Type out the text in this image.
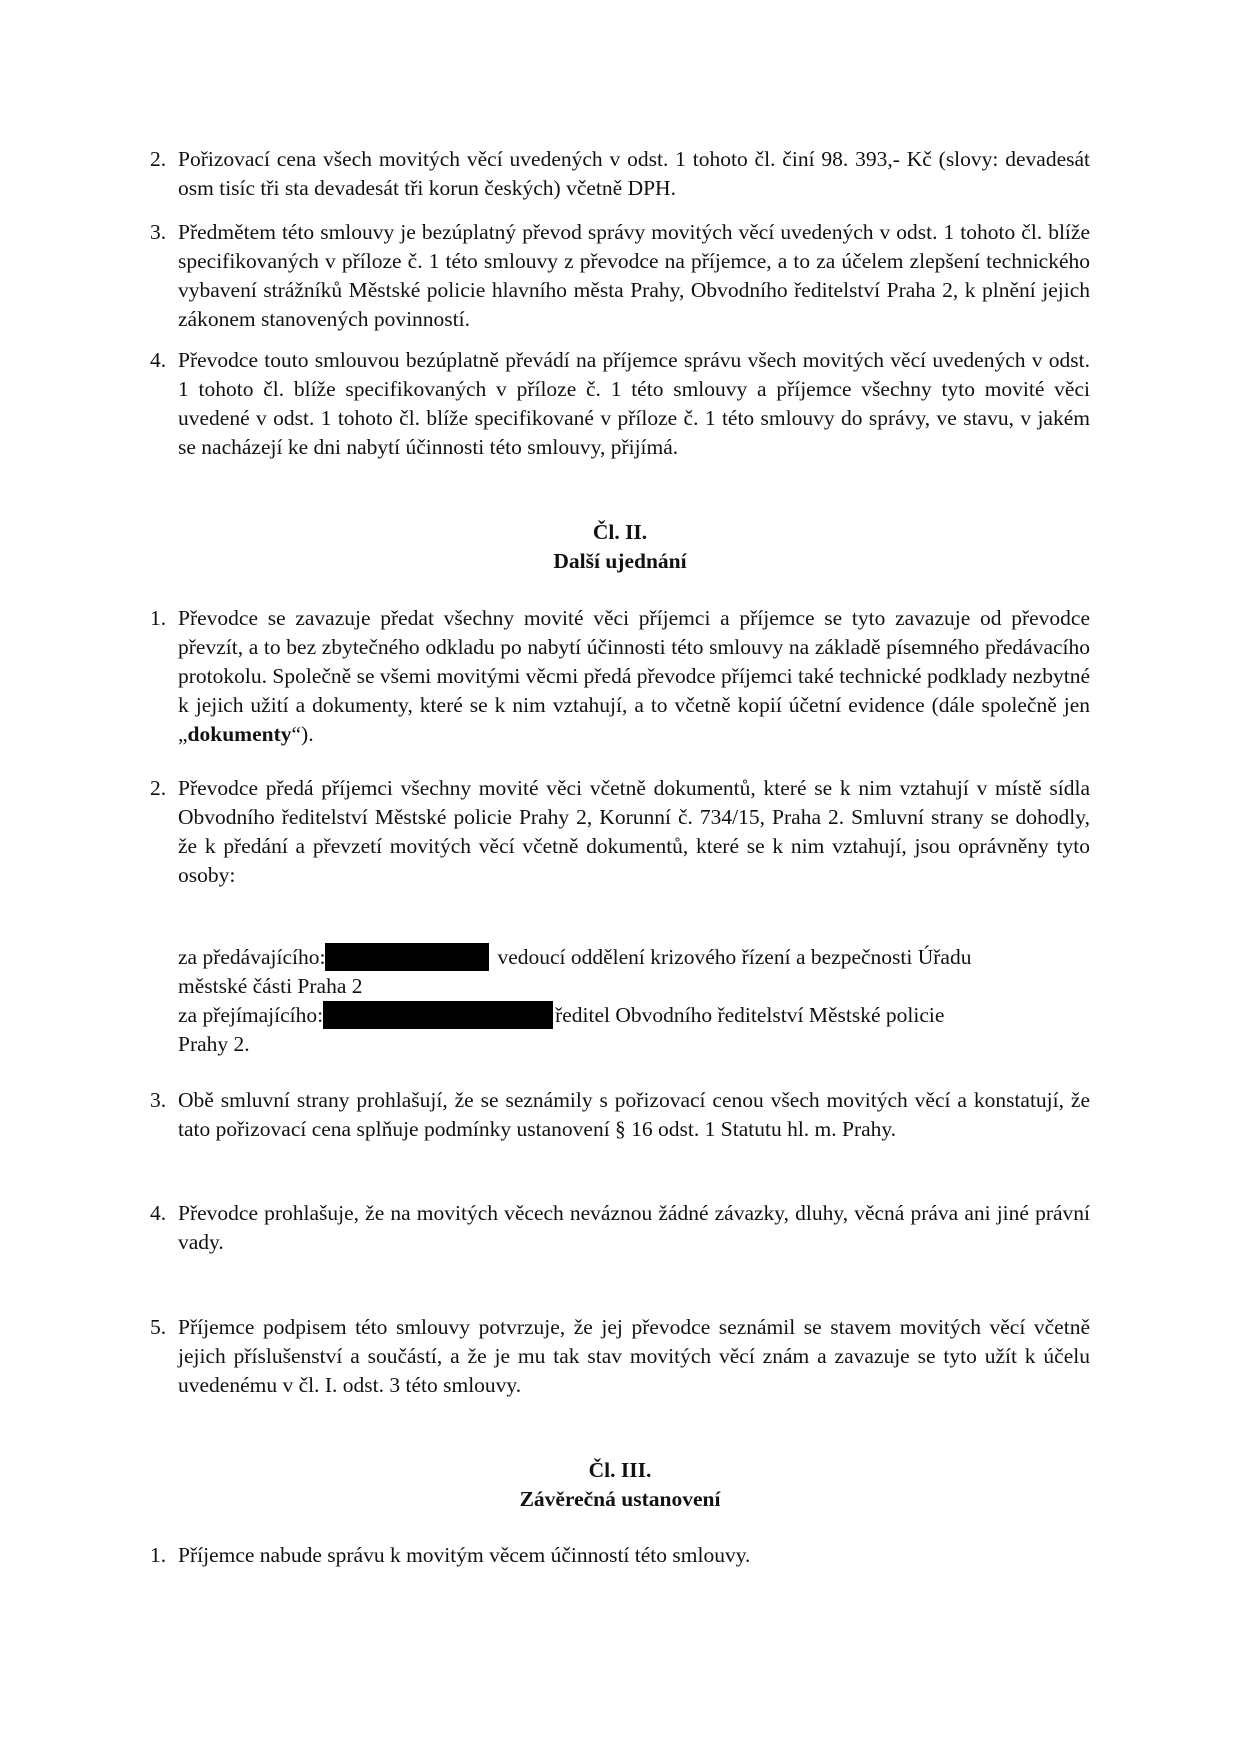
2. Pořizovací cena všech movitých věcí uvedených v odst. 1 tohoto čl. činí 98. 393,- Kč (slovy: devadesát osm tisíc tři sta devadesát tři korun českých) včetně DPH.
3. Předmětem této smlouvy je bezúplatný převod správy movitých věcí uvedených v odst. 1 tohoto čl. blíže specifikovaných v příloze č. 1 této smlouvy z převodce na příjemce, a to za účelem zlepšení technického vybavení strážníků Městské policie hlavního města Prahy, Obvodního ředitelství Praha 2, k plnění jejich zákonem stanovených povinností.
4. Převodce touto smlouvou bezúplatně převádí na příjemce správu všech movitých věcí uvedených v odst. 1 tohoto čl. blíže specifikovaných v příloze č. 1 této smlouvy a příjemce všechny tyto movité věci uvedené v odst. 1 tohoto čl. blíže specifikované v příloze č. 1 této smlouvy do správy, ve stavu, v jakém se nacházejí ke dni nabytí účinnosti této smlouvy, přijímá.
Čl. II.
Další ujednání
1. Převodce se zavazuje předat všechny movité věci příjemci a příjemce se tyto zavazuje od převodce převzít, a to bez zbytečného odkladu po nabytí účinnosti této smlouvy na základě písemného předávacího protokolu. Společně se všemi movitými věcmi předá převodce příjemci také technické podklady nezbytné k jejich užití a dokumenty, které se k nim vztahují, a to včetně kopií účetní evidence (dále společně jen „dokumenty“).
2. Převodce předá příjemci všechny movité věci včetně dokumentů, které se k nim vztahují v místě sídla Obvodního ředitelství Městské policie Prahy 2, Korunní č. 734/15, Praha 2. Smluvní strany se dohodly, že k předání a převzetí movitých věcí včetně dokumentů, které se k nim vztahují, jsou oprávněny tyto osoby:
za předávajícího:	vedoucí oddělení krizového řízení a bezpečnosti Úřadu
městské části Praha 2
za přejímajícího:	ředitel Obvodního ředitelství Městské policie
Prahy 2.
3. Obě smluvní strany prohlašují, že se seznámily s pořizovací cenou všech movitých věcí a konstatují, že tato pořizovací cena splňuje podmínky ustanovení § 16 odst. 1 Statutu hl. m. Prahy.
4. Převodce prohlašuje, že na movitých věcech neváznou žádné závazky, dluhy, věcná práva ani jiné právní vady.
5. Příjemce podpisem této smlouvy potvrzuje, že jej převodce seznámil se stavem movitých věcí včetně jejich příslušenství a součástí, a že je mu tak stav movitých věcí znám a zavazuje se tyto užít k účelu uvedenému v čl. I. odst. 3 této smlouvy.
Čl. III.
Závěrečná ustanovení
1. Příjemce nabude správu k movitým věcem účinností této smlouvy.
